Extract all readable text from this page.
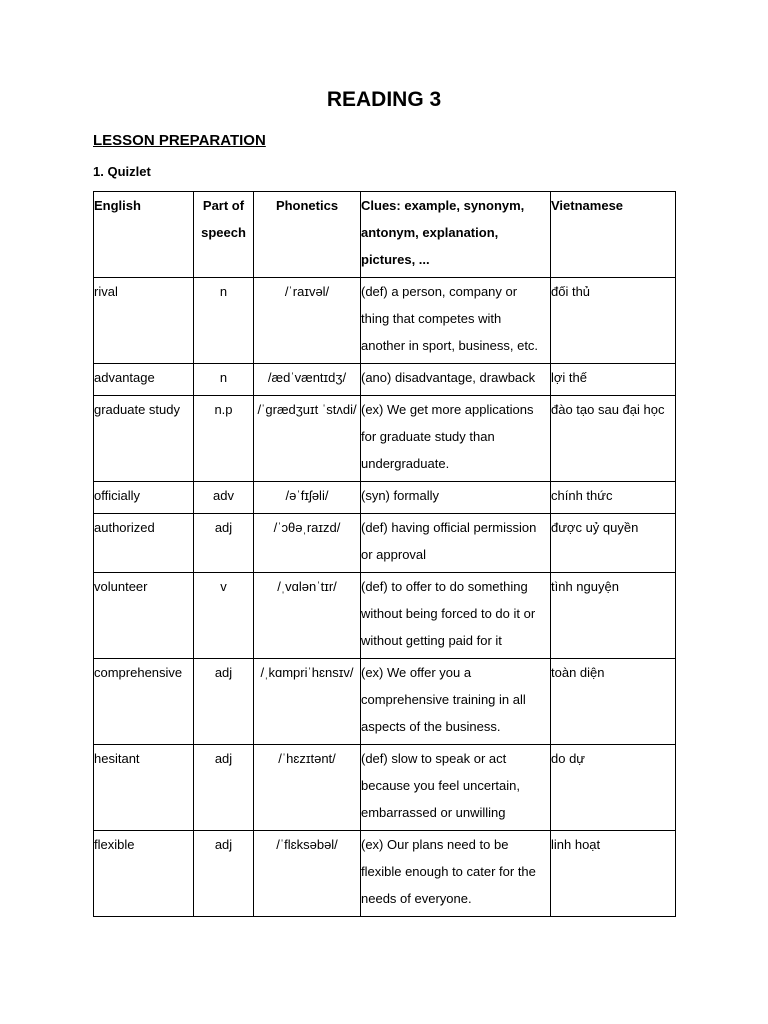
READING 3
LESSON PREPARATION
1. Quizlet
English	Part of speech	Phonetics	Clues: example, synonym, antonym, explanation, pictures, ...	Vietnamese
rival	n	/ˈraɪvəl/	(def) a person, company or thing that competes with another in sport, business, etc.	đối thủ
advantage	n	/ædˈvæntɪdʒ/	(ano) disadvantage, drawback	lợi thế
graduate study	n.p	/ˈɡrædʒuɪt ˈstʌdi/	(ex) We get more applications for graduate study than undergraduate.	đào tạo sau đại học
officially	adv	/əˈfɪʃəli/	(syn) formally	chính thức
authorized	adj	/ˈɔθəˌraɪzd/	(def) having official permission or approval	được uỷ quyền
volunteer	v	/ˌvɑlənˈtɪr/	(def) to offer to do something without being forced to do it or without getting paid for it	tình nguyện
comprehensive	adj	/ˌkɑmpriˈhɛnsɪv/	(ex) We offer you a comprehensive training in all aspects of the business.	toàn diện
hesitant	adj	/ˈhɛzɪtənt/	(def) slow to speak or act because you feel uncertain, embarrassed or unwilling	do dự
flexible	adj	/ˈflɛksəbəl/	(ex) Our plans need to be flexible enough to cater for the needs of everyone.	linh hoạt
